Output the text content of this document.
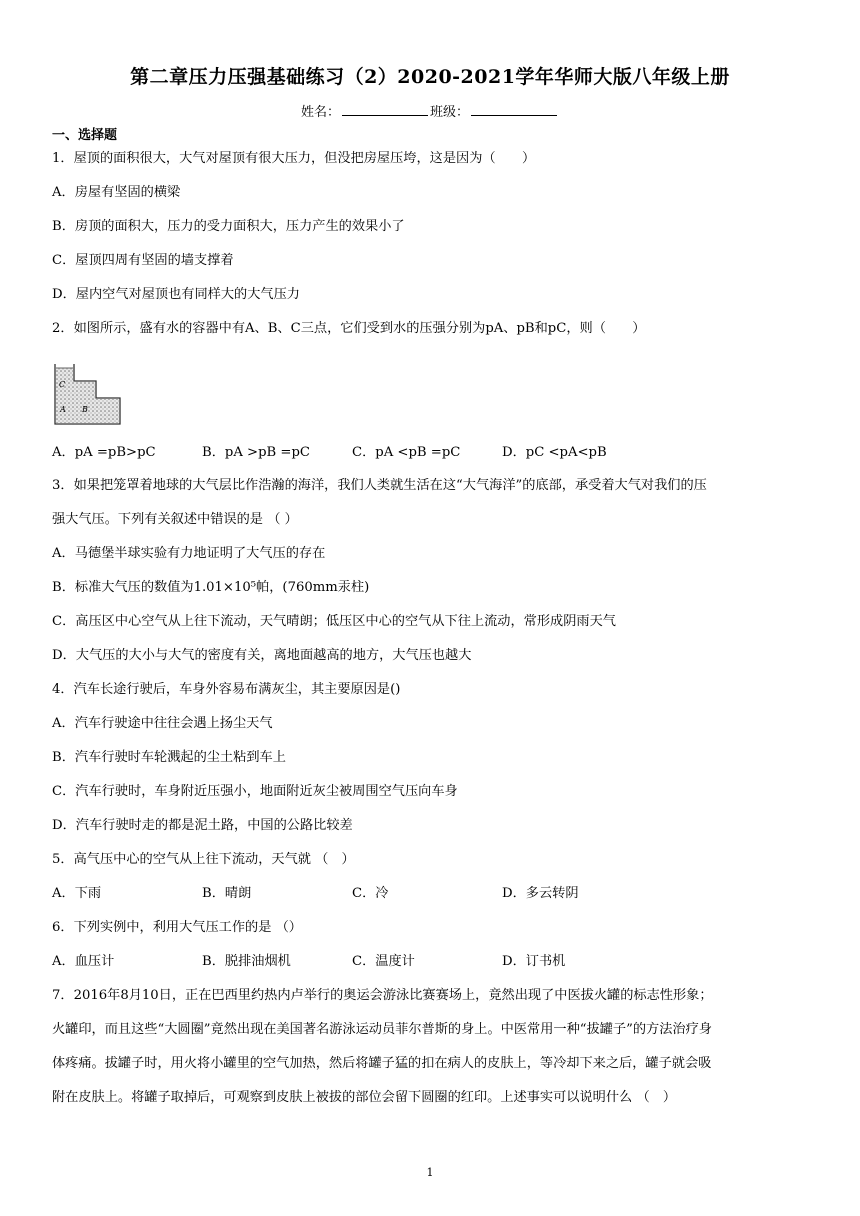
第二章压力压强基础练习（2）2020-2021学年华师大版八年级上册
姓名：	班级：
一、选择题
1．屋顶的面积很大，大气对屋顶有很大压力，但没把房屋压垮，这是因为（　　）
A．房屋有坚固的横梁
B．房顶的面积大，压力的受力面积大，压力产生的效果小了
C．屋顶四周有坚固的墙支撑着
D．屋内空气对屋顶也有同样大的大气压力
2．如图所示，盛有水的容器中有A、B、C三点，它们受到水的压强分别为pA、pB和pC，则（　　）
C
A B
A．pA =pB>pC	B．pA >pB =pC	C．pA <pB =pC	D．pC <pA<pB
3．如果把笼罩着地球的大气层比作浩瀚的海洋，我们人类就生活在这“大气海洋”的底部，承受着大气对我们的压
强大气压。下列有关叙述中错误的是 （ ）
A．马德堡半球实验有力地证明了大气压的存在
B．标准大气压的数值为1.01×10⁵帕，(760mm汞柱)
C．高压区中心空气从上往下流动，天气晴朗；低压区中心的空气从下往上流动，常形成阴雨天气
D．大气压的大小与大气的密度有关，离地面越高的地方，大气压也越大
4．汽车长途行驶后，车身外容易布满灰尘，其主要原因是()
A．汽车行驶途中往往会遇上扬尘天气
B．汽车行驶时车轮溅起的尘土粘到车上
C．汽车行驶时，车身附近压强小，地面附近灰尘被周围空气压向车身
D．汽车行驶时走的都是泥土路，中国的公路比较差
5．高气压中心的空气从上往下流动，天气就 （　）
A．下雨	B．晴朗	C．冷	D．多云转阴
6．下列实例中，利用大气压工作的是 （）
A．血压计	B．脱排油烟机	C．温度计	D．订书机
7．2016年8月10日，正在巴西里约热内卢举行的奥运会游泳比赛赛场上，竟然出现了中医拔火罐的标志性形象；
火罐印，而且这些“大圆圈”竟然出现在美国著名游泳运动员菲尔普斯的身上。中医常用一种“拔罐子”的方法治疗身
体疼痛。拔罐子时，用火将小罐里的空气加热，然后将罐子猛的扣在病人的皮肤上，等冷却下来之后，罐子就会吸
附在皮肤上。将罐子取掉后，可观察到皮肤上被拔的部位会留下圆圈的红印。上述事实可以说明什么 （　）
1
